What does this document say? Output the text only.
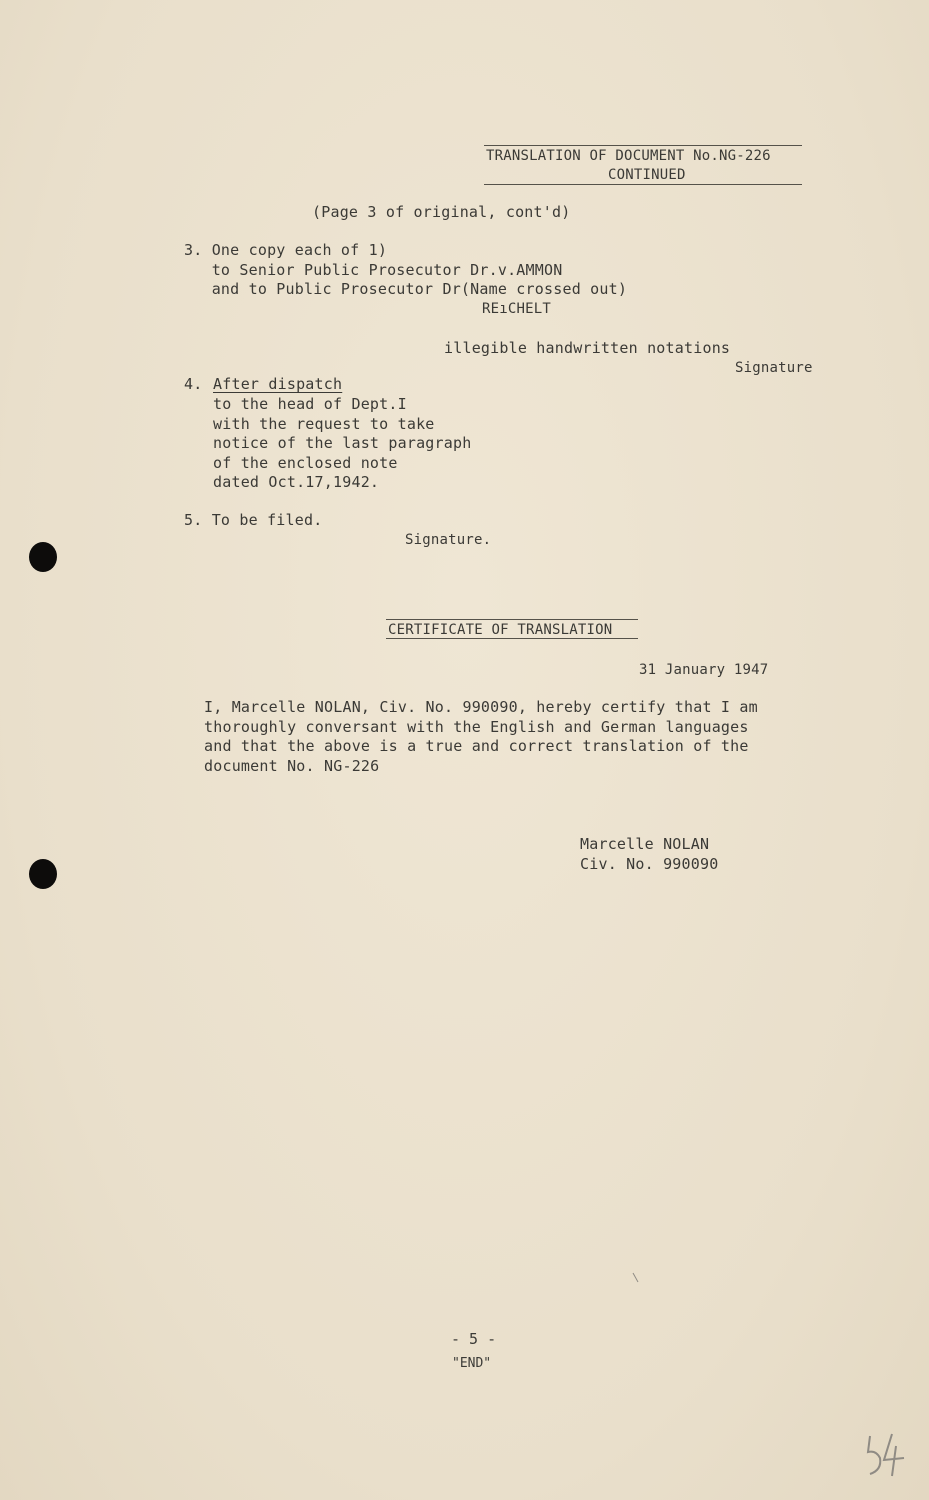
TRANSLATION OF DOCUMENT No.NG-226
CONTINUED
(Page 3 of original, cont'd)
3. One copy each of 1)
to Senior Public Prosecutor Dr.v.AMMON
and to Public Prosecutor Dr(Name crossed out)
REıCHELT
illegible handwritten notations
Signature
4. After dispatch
to the head of Dept.I
with the request to take
notice of the last paragraph
of the enclosed note
dated Oct.17,1942.
5. To be filed.
Signature.
CERTIFICATE OF TRANSLATION
31 January 1947
I, Marcelle NOLAN, Civ. No. 990090, hereby certify that I am
thoroughly conversant with the English and German languages
and that the above is a true and correct translation of the
document No. NG-226
Marcelle NOLAN
Civ. No. 990090
- 5 -
"END"
